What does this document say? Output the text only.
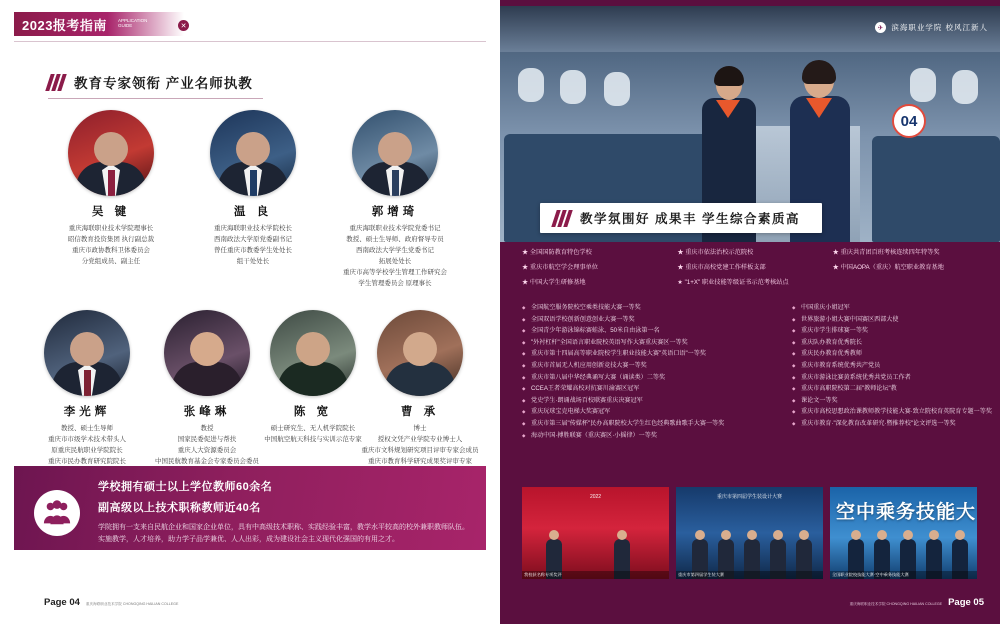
2023报考指南 APPLICATION GUIDE	✕
教育专家领衔 产业名师执教
吴 键
重庆海联职业技术学院理事长
昭信教育投资集团 执行副总裁
重庆市政协教科卫体委员会
分党组成员、副主任
温 良
重庆海联职业技术学院校长
西南政法大学原党委副书记
曾任重庆市教委学生处处长
组干处处长
郭增琦
重庆海联职业技术学院党委书记
教授、硕士生导师、政府督导专员
西南政法大学学生党委书记
拓展处处长
重庆市高等学校学生管理工作研究会
学生管理委员会 原理事长
李光辉
教授、硕士生导师
重庆市市级学术技术带头人
原重庆民航职业学院院长
重庆市民办教育研究院院长
张峰琳
教授
国家民委促进与帮扶
重庆人大资源委员会
中国民航教育基金会专家委员会委员
陈 宽
硕士研究生、无人机学院院长
中国航空航天科技与实训示范专家
曹 承
博士
授权文凭产业学院专业博士人
重庆市文科规划研究项目评审专家会成员
重庆市教育科学研究成果奖评审专家
学校拥有硕士以上学位教师60余名
副高级以上技术职称教师近40名
学院拥有一支来自民航企业和国家企业单位，具有中高级技术职称、实践经验丰富，教学水平较高的校外兼职教师队伍。实施教学，人才培养，助力学子品学兼优、人人出彩，成为建设社会主义现代化强国的有用之才。
Page 04 重庆海联职业技术学院 CHONGQING HAILIAN COLLEGE
04
✈ 滨海职业学院 校风江新人
教学氛围好 成果丰 学生综合素质高
★ 全国国防教育特色学校	★ 重庆市依法治校示范院校	★ 重庆共青团百班考核连续四年特等奖
★ 重庆市航空学会理事单位	★ 重庆市高校党建工作样板支部	★ 中国AOPA（重庆）航空职业教育基地
★ 中国大学生研修基地	★ "1+X" 职业技能等级证书示范考核站点
◆ 全国航空服务院校空乘类技能大赛一等奖
◆ 全国双语学校创新创意创业大赛一等奖
◆ 全国青少年游泳锦标赛蛙泳、50米自由泳第一名
◆ "外衬杠杆"全国语言职业院校英语写作大赛重庆赛区一等奖
◆ 重庆市第十四届高等职业院校学生职业技能大赛"英语口语"一等奖
◆ 重庆市首届无人机应用创新竞技大赛一等奖
◆ 重庆市第八届中华经典诵写大赛（诵读类）二等奖
◆ CCEA王者荣耀高校对抗赛川渝赛区冠军
◆ 党史学生·朗诵战场百校联赛重庆决赛冠军
◆ 重庆玩球宝克电梯大奖赛冠军
◆ 重庆市第三届"传媒杯"民办高职院校大学生红色经典歌曲歌手大赛一等奖
◆ 海动中国·搏胜联赛（重庆赛区·小摇律）一等奖
◆ 中国重庆小姐冠军
◆ 世界旅游小姐大赛中国赛区西部大使
◆ 重庆市学生排球赛一等奖
◆ 重庆队办教育优秀院长
◆ 重庆民办教育优秀教师
◆ 重庆市教育系统优秀共产党员
◆ 重庆市游泳比赛黄系统优秀共党员工作者
◆ 重庆市高职院校第二届"教师论坛"教
◆ 课论文一等奖
◆ 重庆市高校思想政治课教师教学技能大赛·致立院校育英院育专题一等奖
◆ 重庆市教育·"深化教育改革研究·暨推荐校"论文评选一等奖
2022
我校获名称专项奖评
重庆市第四届学生装设计大赛
重庆市第四届学生装大赛
空中乘务技能大
全国职业院校技能大赛·空中乘务技能大赛
重庆海联职业技术学院 CHONGQING HAILIAN COLLEGE Page 05
